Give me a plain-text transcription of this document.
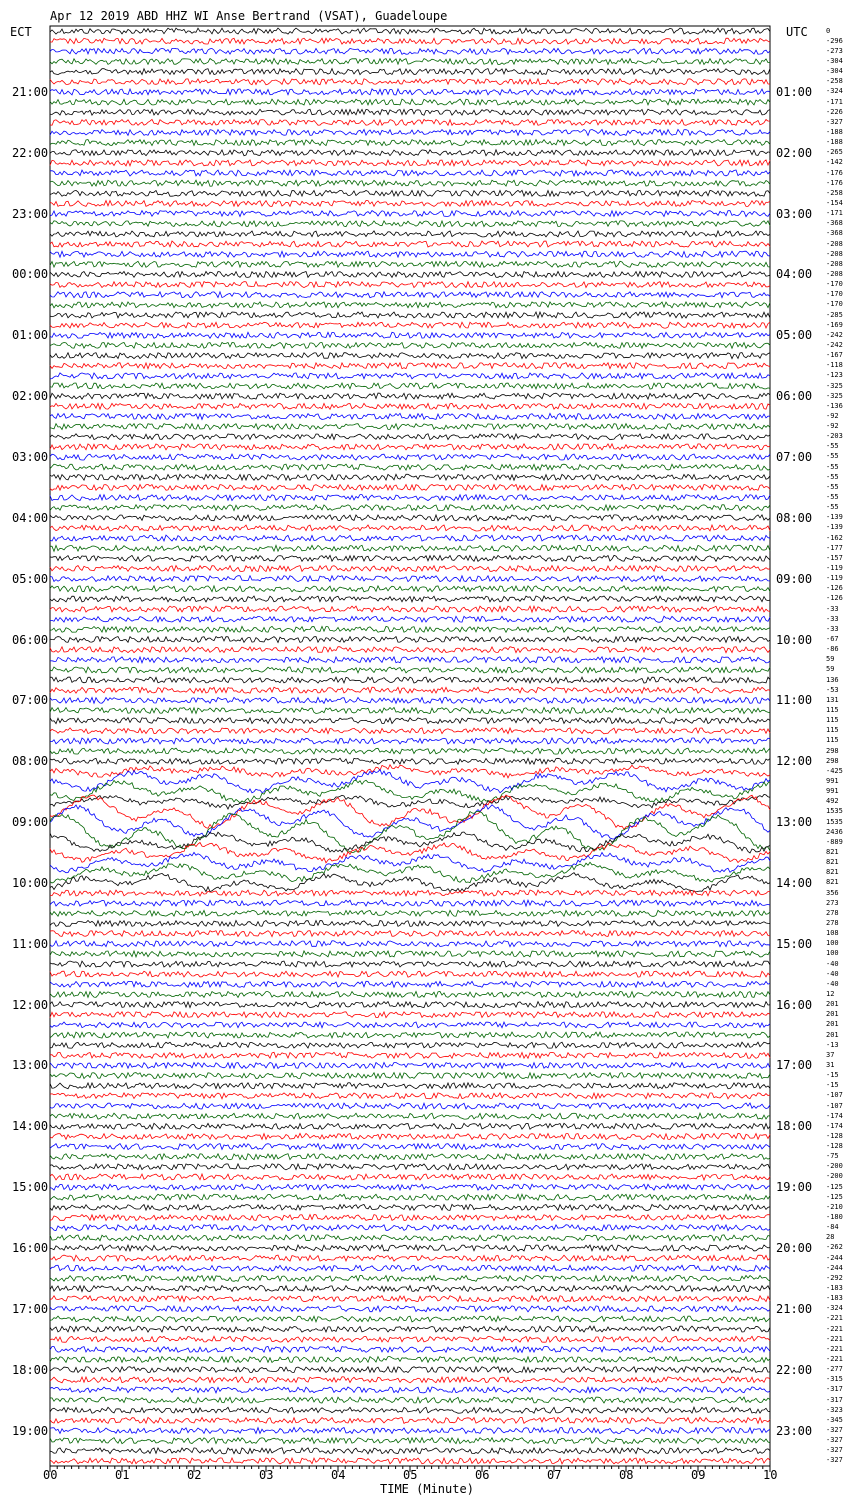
Apr 12 2019 ABD HHZ WI Anse Bertrand (VSAT), Guadeloupe
ECT	UTC
TIME (Minute)
0
-296
-273
-304
-304
-258
-324
-171
-226
-327
-188
-188
-265
-142
-176
-176
-258
-154
-171
-368
-368
-208
-208
-208
-208
-170
-170
-170
-285
-169
-242
-242
-167
-118
-123
-325
-325
-136
-92
-92
-203
-55
-55
-55
-55
-55
-55
-55
-139
-139
-162
-177
-157
-119
-119
-126
-126
-33
-33
-33
-67
-86
59
59
136
-53
131
115
115
115
115
298
298
-425
991
991
492
1535
1535
2436
-889
821
821
821
821
356
273
278
278
108
100
100
-40
-40
-40
12
201
201
201
201
-13
37
31
-15
-15
-107
-107
-174
-174
-128
-128
-75
-200
-200
-125
-125
-210
-180
-84
28
-262
-244
-244
-292
-183
-183
-324
-221
-221
-221
-221
-221
-277
-315
-317
-317
-323
-345
-327
-327
-327
-327
21:00	01:00
22:00	02:00
23:00	03:00
00:00	04:00
01:00	05:00
02:00	06:00
03:00	07:00
04:00	08:00
05:00	09:00
06:00	10:00
07:00	11:00
08:00	12:00
09:00	13:00
10:00	14:00
11:00	15:00
12:00	16:00
13:00	17:00
14:00	18:00
15:00	19:00
16:00	20:00
17:00	21:00
18:00	22:00
19:00	23:00
00	01	02	03	04	05	06	07	08	09	10
